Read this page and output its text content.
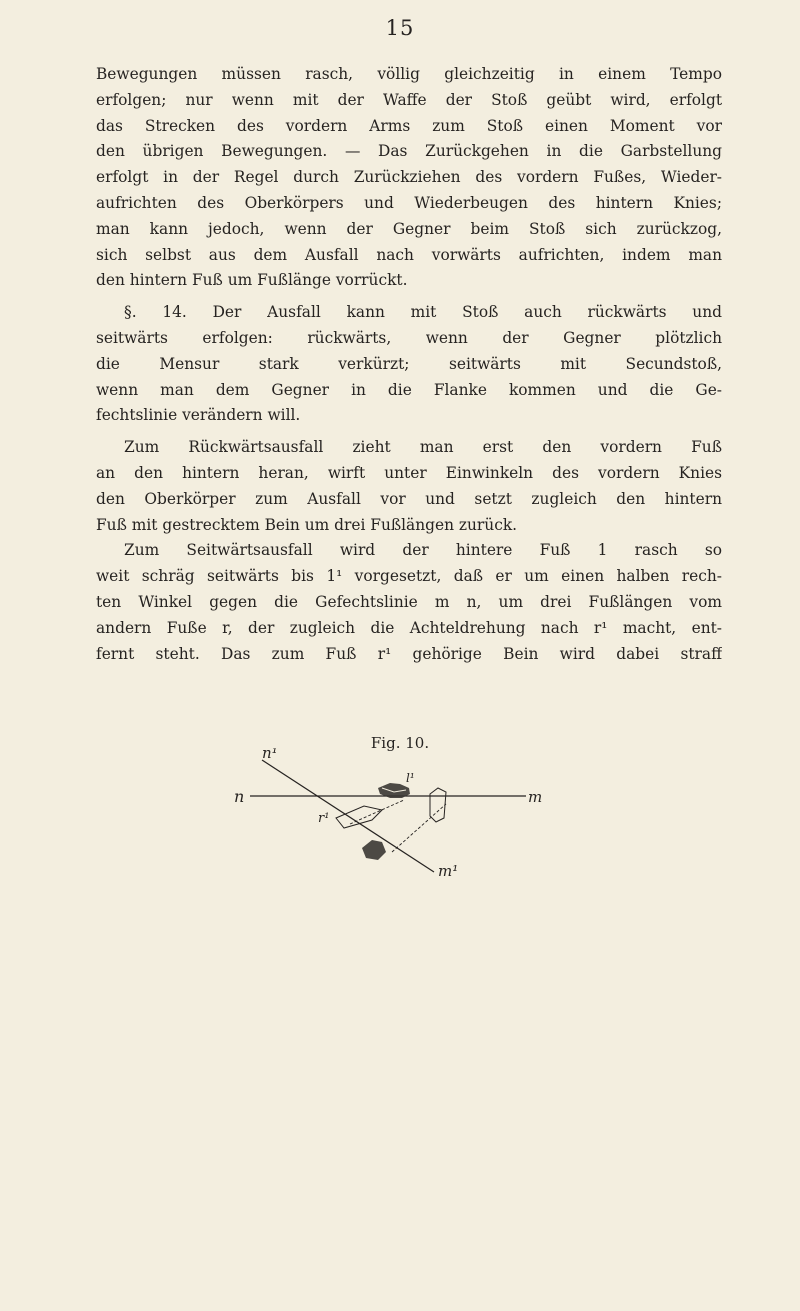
15
Bewegungen müssen rasch, völlig gleichzeitig in einem Tempo
erfolgen; nur wenn mit der Waffe der Stoß geübt wird, erfolgt
das Strecken des vordern Arms zum Stoß einen Moment vor
den übrigen Bewegungen. — Das Zurückgehen in die Garbstellung
erfolgt in der Regel durch Zurückziehen des vordern Fußes, Wieder-
aufrichten des Oberkörpers und Wiederbeugen des hintern Knies;
man kann jedoch, wenn der Gegner beim Stoß sich zurückzog,
sich selbst aus dem Ausfall nach vorwärts aufrichten, indem man
den hintern Fuß um Fußlänge vorrückt.
§. 14. Der Ausfall kann mit Stoß auch rückwärts und
seitwärts erfolgen: rückwärts, wenn der Gegner plötzlich
die Mensur stark verkürzt; seitwärts mit Secundstoß,
wenn man dem Gegner in die Flanke kommen und die Ge-
fechtslinie verändern will.
Zum Rückwärtsausfall zieht man erst den vordern Fuß
an den hintern heran, wirft unter Einwinkeln des vordern Knies
den Oberkörper zum Ausfall vor und setzt zugleich den hintern
Fuß mit gestrecktem Bein um drei Fußlängen zurück.
Zum Seitwärtsausfall wird der hintere Fuß 1 rasch so
weit schräg seitwärts bis 1¹ vorgesetzt, daß er um einen halben rech-
ten Winkel gegen die Gefechtslinie m n, um drei Fußlängen vom
andern Fuße r, der zugleich die Achteldrehung nach r¹ macht, ent-
fernt steht. Das zum Fuß r¹ gehörige Bein wird dabei straff
Fig. 10.
n¹
n	m
m¹
r¹
l¹
